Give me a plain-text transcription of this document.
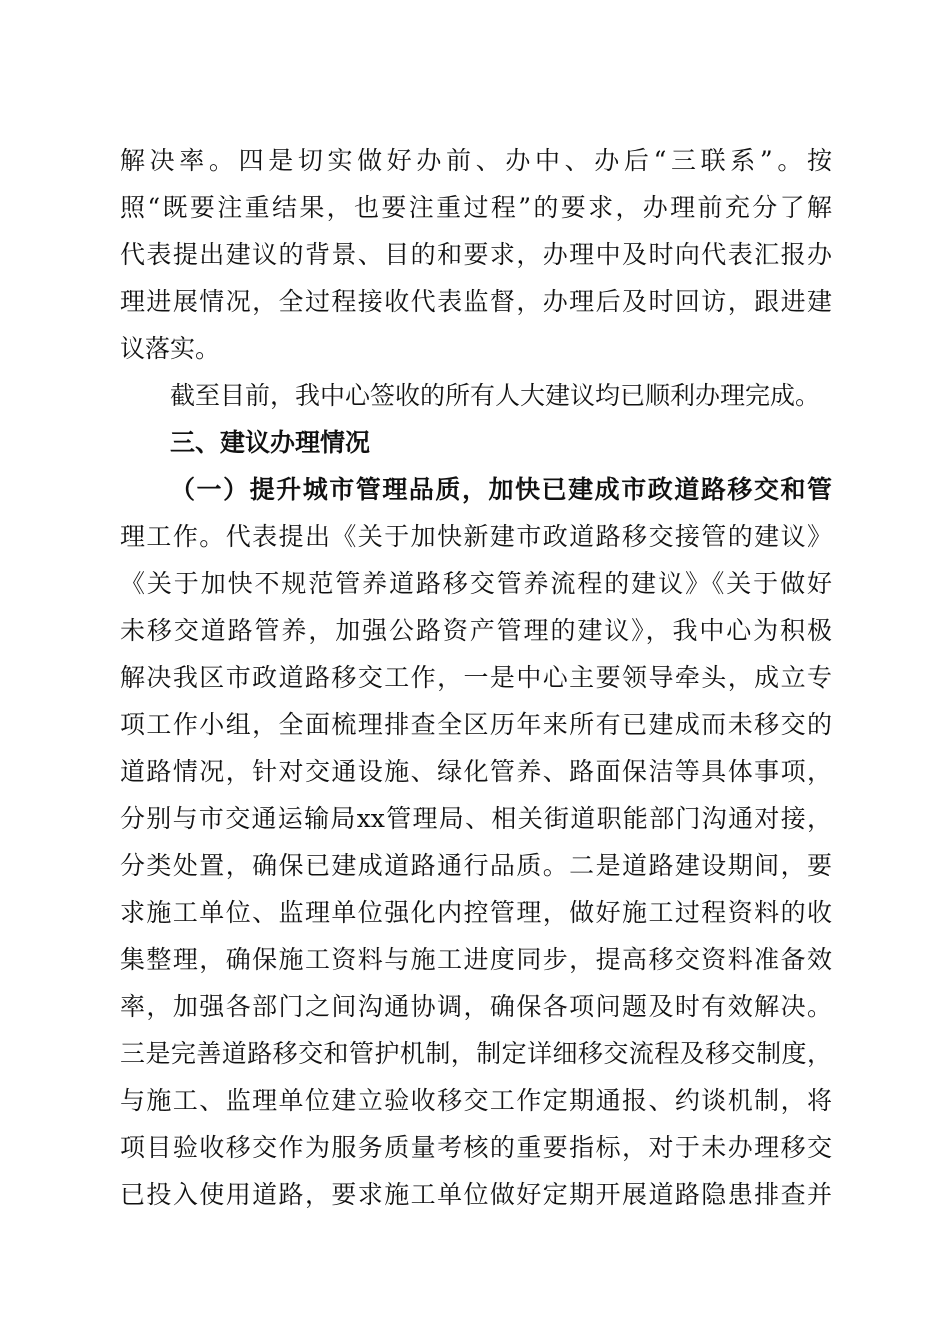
解决率。四是切实做好办前、办中、办后“三联系”。按
照“既要注重结果，也要注重过程”的要求，办理前充分了解
代表提出建议的背景、目的和要求，办理中及时向代表汇报办
理进展情况，全过程接收代表监督，办理后及时回访，跟进建
议落实。
截至目前，我中心签收的所有人大建议均已顺利办理完成。
三、建议办理情况
（一）提升城市管理品质，加快已建成市政道路移交和管
理工作。代表提出《关于加快新建市政道路移交接管的建议》
《关于加快不规范管养道路移交管养流程的建议》《关于做好
未移交道路管养，加强公路资产管理的建议》，我中心为积极
解决我区市政道路移交工作，一是中心主要领导牵头，成立专
项工作小组，全面梳理排查全区历年来所有已建成而未移交的
道路情况，针对交通设施、绿化管养、路面保洁等具体事项，
分别与市交通运输局xx管理局、相关街道职能部门沟通对接，
分类处置，确保已建成道路通行品质。二是道路建设期间，要
求施工单位、监理单位强化内控管理，做好施工过程资料的收
集整理，确保施工资料与施工进度同步，提高移交资料准备效
率，加强各部门之间沟通协调，确保各项问题及时有效解决。
三是完善道路移交和管护机制，制定详细移交流程及移交制度，
与施工、监理单位建立验收移交工作定期通报、约谈机制，将
项目验收移交作为服务质量考核的重要指标，对于未办理移交
已投入使用道路，要求施工单位做好定期开展道路隐患排查并
